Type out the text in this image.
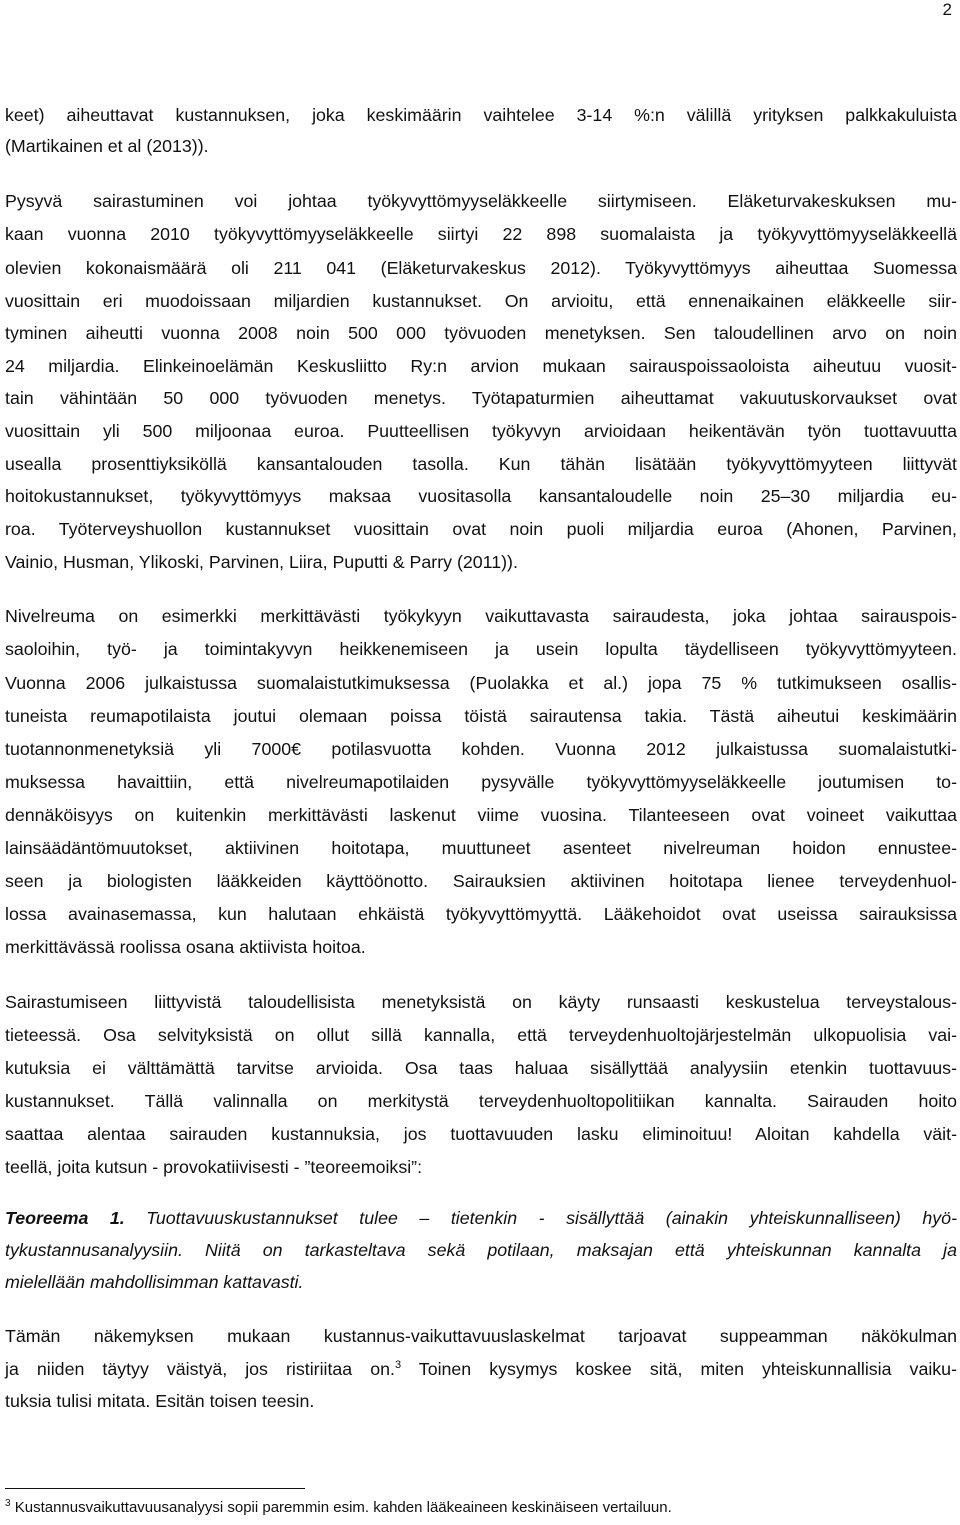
2
keet) aiheuttavat kustannuksen, joka keskimäärin vaihtelee 3-14 %:n välillä yrityksen palkkakuluista
(Martikainen et al (2013)).
Pysyvä sairastuminen voi johtaa työkyvyttömyyseläkkeelle siirtymiseen. Eläketurvakeskuksen mu-
kaan vuonna 2010 työkyvyttömyyseläkkeelle siirtyi 22 898 suomalaista ja työkyvyttömyyseläkkeellä
olevien kokonaismäärä oli 211 041 (Eläketurvakeskus 2012). Työkyvyttömyys aiheuttaa Suomessa
vuosittain eri muodoissaan miljardien kustannukset. On arvioitu, että ennenaikainen eläkkeelle siir-
tyminen aiheutti vuonna 2008 noin 500 000 työvuoden menetyksen. Sen taloudellinen arvo on noin
24 miljardia. Elinkeinoelämän Keskusliitto Ry:n arvion mukaan sairauspoissaoloista aiheutuu vuosit-
tain vähintään 50 000 työvuoden menetys. Työtapaturmien aiheuttamat vakuutuskorvaukset ovat
vuosittain yli 500 miljoonaa euroa. Puutteellisen työkyvyn arvioidaan heikentävän työn tuottavuutta
usealla prosenttiyksiköllä kansantalouden tasolla. Kun tähän lisätään työkyvyttömyyteen liittyvät
hoitokustannukset, työkyvyttömyys maksaa vuositasolla kansantaloudelle noin 25–30 miljardia eu-
roa. Työterveyshuollon kustannukset vuosittain ovat noin puoli miljardia euroa (Ahonen, Parvinen,
Vainio, Husman, Ylikoski, Parvinen, Liira, Puputti & Parry (2011)).
Nivelreuma on esimerkki merkittävästi työkykyyn vaikuttavasta sairaudesta, joka johtaa sairauspois-
saoloihin, työ- ja toimintakyvyn heikkenemiseen ja usein lopulta täydelliseen työkyvyttömyyteen.
Vuonna 2006 julkaistussa suomalaistutkimuksessa (Puolakka et al.) jopa 75 % tutkimukseen osallis-
tuneista reumapotilaista joutui olemaan poissa töistä sairautensa takia. Tästä aiheutui keskimäärin
tuotannonmenetyksiä yli 7000€ potilasvuotta kohden. Vuonna 2012 julkaistussa suomalaistutki-
muksessa havaittiin, että nivelreumapotilaiden pysyvälle työkyvyttömyyseläkkeelle joutumisen to-
dennäköisyys on kuitenkin merkittävästi laskenut viime vuosina. Tilanteeseen ovat voineet vaikuttaa
lainsäädäntömuutokset, aktiivinen hoitotapa, muuttuneet asenteet nivelreuman hoidon ennustee-
seen ja biologisten lääkkeiden käyttöönotto. Sairauksien aktiivinen hoitotapa lienee terveydenhuol-
lossa avainasemassa, kun halutaan ehkäistä työkyvyttömyyttä. Lääkehoidot ovat useissa sairauksissa
merkittävässä roolissa osana aktiivista hoitoa.
Sairastumiseen liittyvistä taloudellisista menetyksistä on käyty runsaasti keskustelua terveystalous-
tieteessä. Osa selvityksistä on ollut sillä kannalla, että terveydenhuoltojärjestelmän ulkopuolisia vai-
kutuksia ei välttämättä tarvitse arvioida. Osa taas haluaa sisällyttää analyysiin etenkin tuottavuus-
kustannukset. Tällä valinnalla on merkitystä terveydenhuoltopolitiikan kannalta. Sairauden hoito
saattaa alentaa sairauden kustannuksia, jos tuottavuuden lasku eliminoituu! Aloitan kahdella väit-
teellä, joita kutsun - provokatiivisesti - ”teoreemoiksi”:
Teoreema 1. Tuottavuuskustannukset tulee – tietenkin - sisällyttää (ainakin yhteiskunnalliseen) hyö-
tykustannusanalyysiin. Niitä on tarkasteltava sekä potilaan, maksajan että yhteiskunnan kannalta ja
mielellään mahdollisimman kattavasti.
Tämän näkemyksen mukaan kustannus-vaikuttavuuslaskelmat tarjoavat suppeamman näkökulman
ja niiden täytyy väistyä, jos ristiriitaa on.$^3$ Toinen kysymys koskee sitä, miten yhteiskunnallisia vaiku-
tuksia tulisi mitata. Esitän toisen teesin.
$^3$ Kustannusvaikuttavuusanalyysi sopii paremmin esim. kahden lääkeaineen keskinäiseen vertailuun.
